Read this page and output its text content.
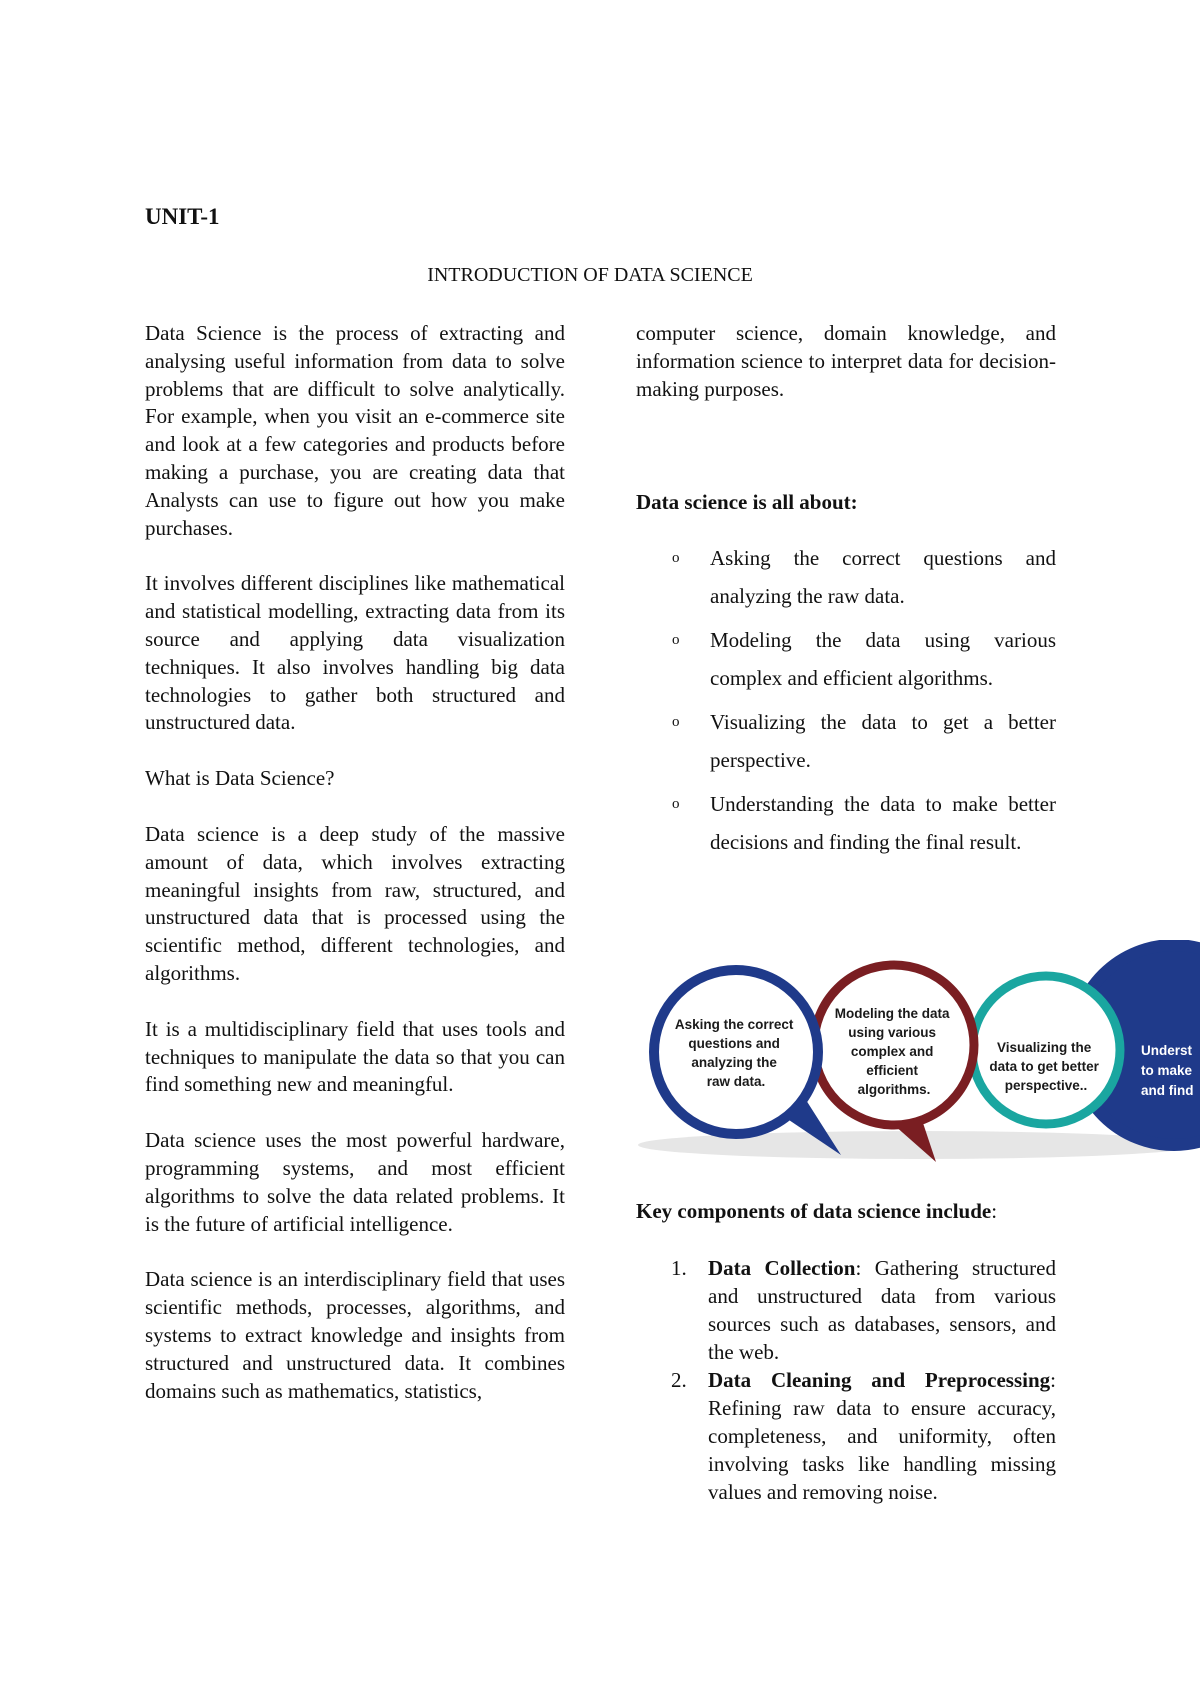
UNIT-1
INTRODUCTION OF DATA SCIENCE

Data Science is the process of extracting and analysing useful information from data to solve problems that are difficult to solve analytically. For example, when you visit an e-commerce site and look at a few categories and products before making a purchase, you are creating data that Analysts can use to figure out how you make purchases.

It involves different disciplines like mathematical and statistical modelling, extracting data from its source and applying data visualization techniques. It also involves handling big data technologies to gather both structured and unstructured data.

What is Data Science?

Data science is a deep study of the massive amount of data, which involves extracting meaningful insights from raw, structured, and unstructured data that is processed using the scientific method, different technologies, and algorithms.

It is a multidisciplinary field that uses tools and techniques to manipulate the data so that you can find something new and meaningful.

Data science uses the most powerful hardware, programming systems, and most efficient algorithms to solve the data related problems. It is the future of artificial intelligence.

Data science is an interdisciplinary field that uses scientific methods, processes, algorithms, and systems to extract knowledge and insights from structured and unstructured data. It combines domains such as mathematics, statistics,

computer science, domain knowledge, and information science to interpret data for decision-making purposes.

Data science is all about:

o Asking the correct questions and analyzing the raw data.
o Modeling the data using various complex and efficient algorithms.
o Visualizing the data to get a better perspective.
o Understanding the data to make better decisions and finding the final result.
Underst to make and find
Visualizing the data to get better perspective..
Modeling the data using various complex and efficient algorithms.
Asking the correct questions and analyzing the raw data.

Key components of data science include:

1. Data Collection: Gathering structured and unstructured data from various sources such as databases, sensors, and the web.
2. Data Cleaning and Preprocessing: Refining raw data to ensure accuracy, completeness, and uniformity, often involving tasks like handling missing values and removing noise.
